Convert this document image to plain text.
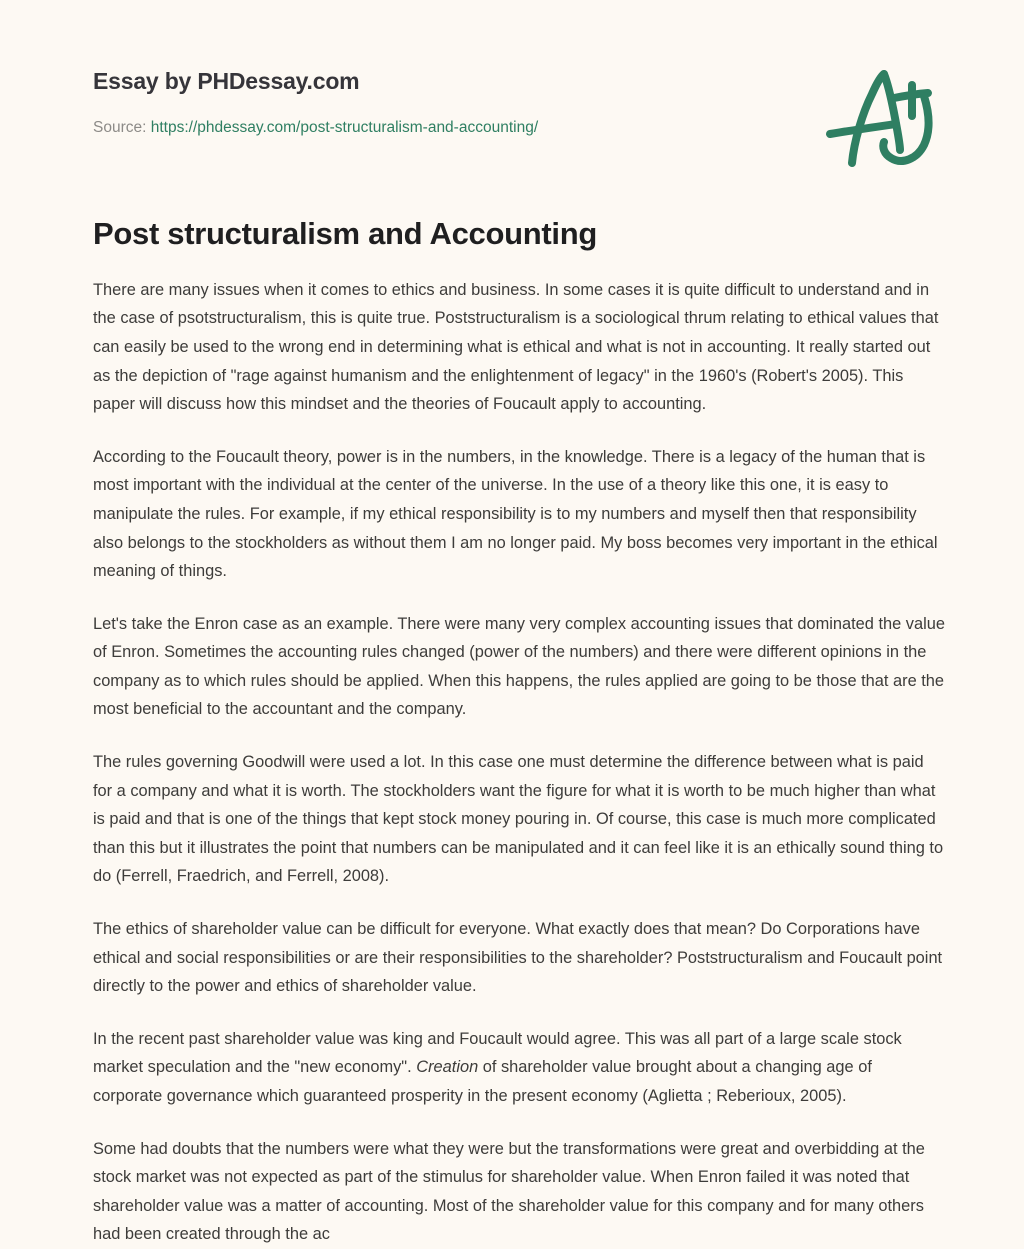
Essay by PHDessay.com
Source: https://phdessay.com/post-structuralism-and-accounting/
Post structuralism and Accounting

There are many issues when it comes to ethics and business. In some cases it is quite difficult to understand and in the case of psotstructuralism, this is quite true. Poststructuralism is a sociological thrum relating to ethical values that can easily be used to the wrong end in determining what is ethical and what is not in accounting. It really started out as the depiction of "rage against humanism and the enlightenment of legacy" in the 1960's (Robert's 2005). This paper will discuss how this mindset and the theories of Foucault apply to accounting.

According to the Foucault theory, power is in the numbers, in the knowledge. There is a legacy of the human that is most important with the individual at the center of the universe. In the use of a theory like this one, it is easy to manipulate the rules. For example, if my ethical responsibility is to my numbers and myself then that responsibility also belongs to the stockholders as without them I am no longer paid. My boss becomes very important in the ethical meaning of things.

Let's take the Enron case as an example. There were many very complex accounting issues that dominated the value of Enron. Sometimes the accounting rules changed (power of the numbers) and there were different opinions in the company as to which rules should be applied. When this happens, the rules applied are going to be those that are the most beneficial to the accountant and the company.

The rules governing Goodwill were used a lot. In this case one must determine the difference between what is paid for a company and what it is worth. The stockholders want the figure for what it is worth to be much higher than what is paid and that is one of the things that kept stock money pouring in. Of course, this case is much more complicated than this but it illustrates the point that numbers can be manipulated and it can feel like it is an ethically sound thing to do (Ferrell, Fraedrich, and Ferrell, 2008).

The ethics of shareholder value can be difficult for everyone. What exactly does that mean? Do Corporations have ethical and social responsibilities or are their responsibilities to the shareholder? Poststructuralism and Foucault point directly to the power and ethics of shareholder value.

In the recent past shareholder value was king and Foucault would agree. This was all part of a large scale stock market speculation and the "new economy". Creation of shareholder value brought about a changing age of corporate governance which guaranteed prosperity in the present economy (Aglietta ; Reberioux, 2005).

Some had doubts that the numbers were what they were but the transformations were great and overbidding at the stock market was not expected as part of the stimulus for shareholder value. When Enron failed it was noted that shareholder value was a matter of accounting. Most of the shareholder value for this company and for many others had been created through the ac
